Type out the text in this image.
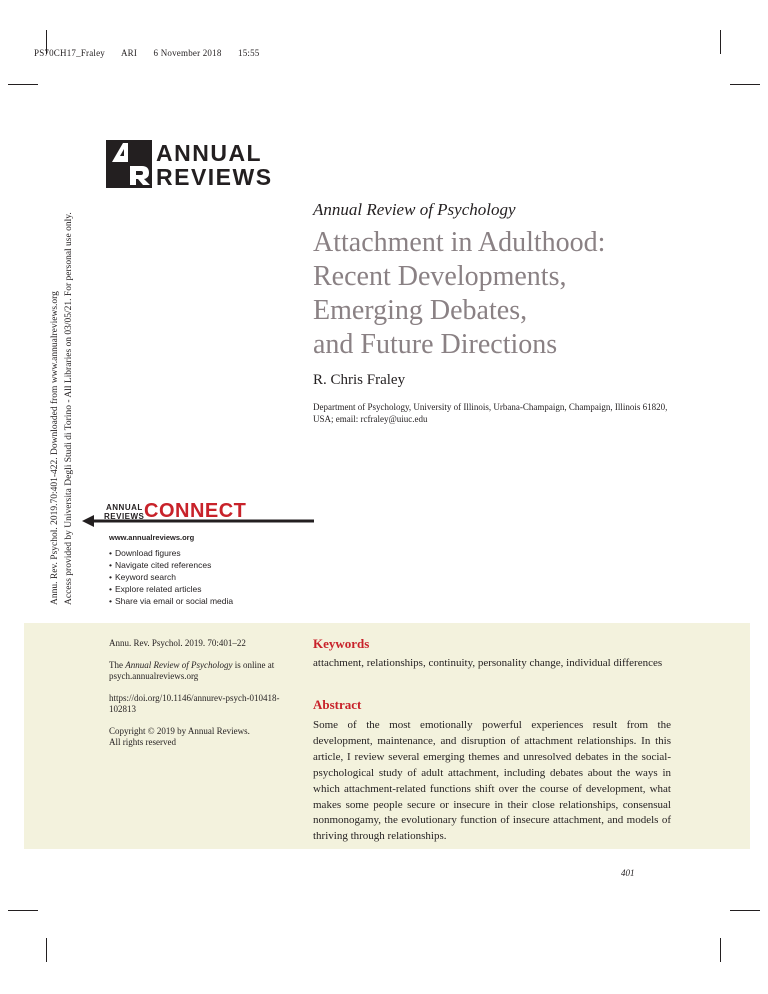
PS70CH17_Fraley ARI 6 November 2018 15:55
ANNUAL
REVIEWS
Annual Review of Psychology
Attachment in Adulthood:
Recent Developments,
Emerging Debates,
and Future Directions
R. Chris Fraley
Department of Psychology, University of Illinois, Urbana-Champaign, Champaign, Illinois 61820, USA; email: rcfraley@uiuc.edu
Annu. Rev. Psychol. 2019.70:401-422. Downloaded from www.annualreviews.org Access provided by Universita Degli Studi di Torino - All Libraries on 03/05/21. For personal use only.	ANNUAL
REVIEWS CONNECT
www.annualreviews.org
• Download figures
• Navigate cited references
• Keyword search
• Explore related articles
• Share via email or social media

Annu. Rev. Psychol. 2019. 70:401–22

The Annual Review of Psychology is online at psych.annualreviews.org

https://doi.org/10.1146/annurev-psych-010418-102813

Copyright © 2019 by Annual Reviews.
All rights reserved

Keywords
attachment, relationships, continuity, personality change, individual differences
Abstract
Some of the most emotionally powerful experiences result from the development, maintenance, and disruption of attachment relationships. In this article, I review several emerging themes and unresolved debates in the social-psychological study of adult attachment, including debates about the ways in which attachment-related functions shift over the course of development, what makes some people secure or insecure in their close relationships, consensual nonmonogamy, the evolutionary function of insecure attachment, and models of thriving through relationships.
401
